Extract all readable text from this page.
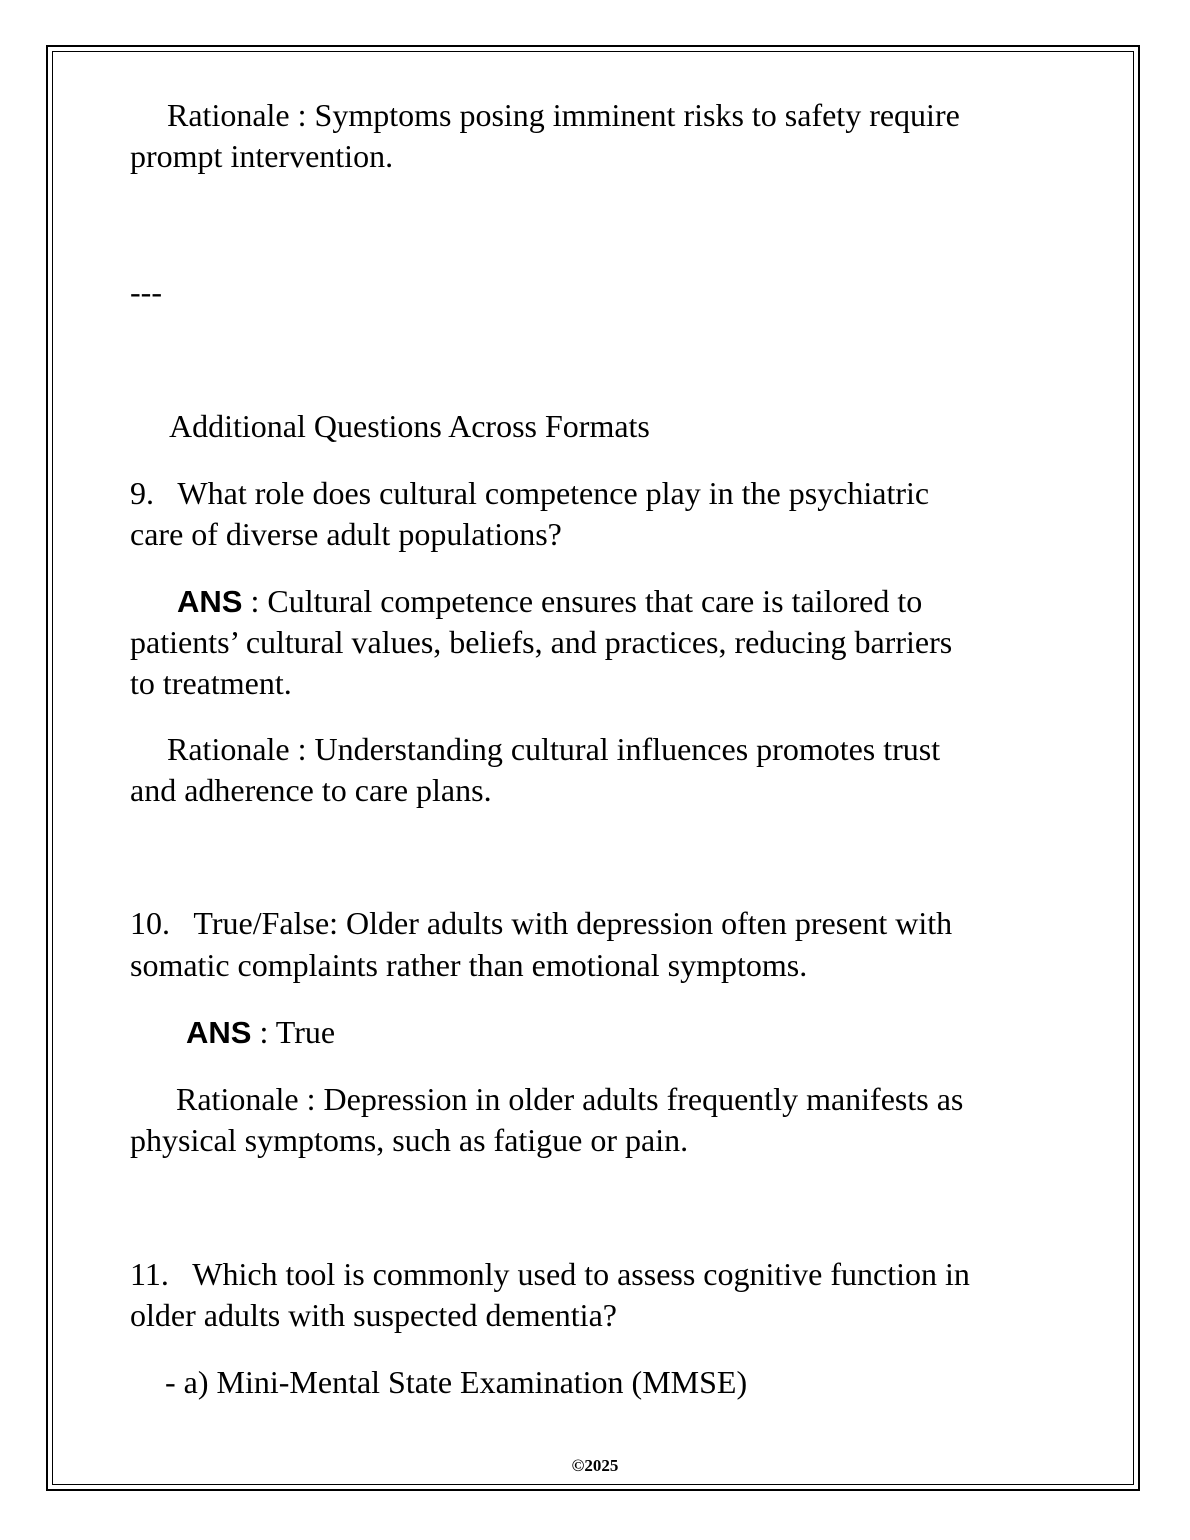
Rationale : Symptoms posing imminent risks to safety require

prompt intervention.

---

Additional Questions Across Formats

9.   What role does cultural competence play in the psychiatric

care of diverse adult populations?

ANS : Cultural competence ensures that care is tailored to

patients’ cultural values, beliefs, and practices, reducing barriers

to treatment.

Rationale : Understanding cultural influences promotes trust

and adherence to care plans.

10.   True/False: Older adults with depression often present with

somatic complaints rather than emotional symptoms.

ANS : True

Rationale : Depression in older adults frequently manifests as

physical symptoms, such as fatigue or pain.

11.   Which tool is commonly used to assess cognitive function in

older adults with suspected dementia?

- a) Mini-Mental State Examination (MMSE)

©2025
